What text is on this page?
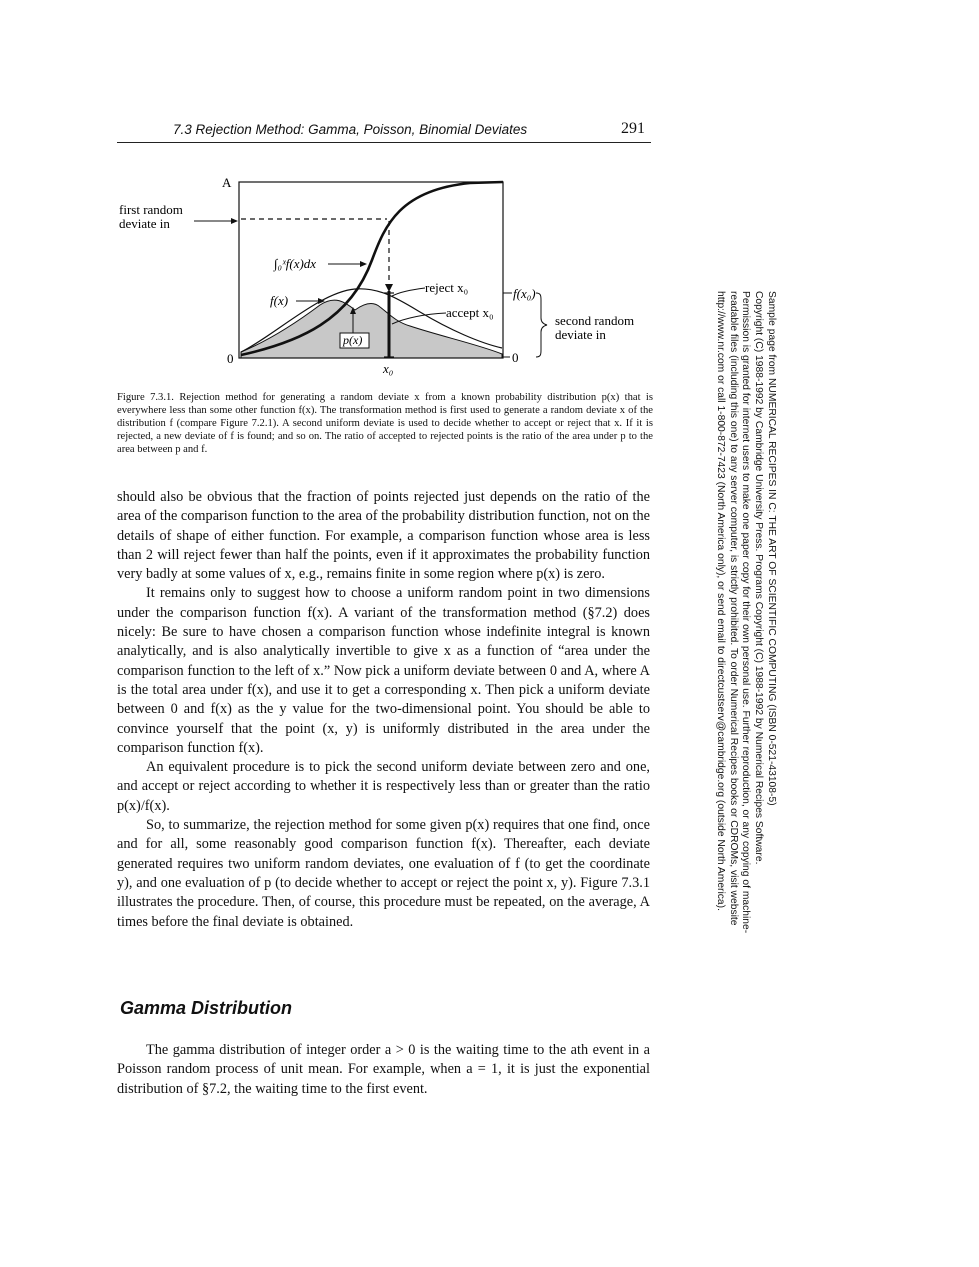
7.3 Rejection Method: Gamma, Poisson, Binomial Deviates	291
A
0	0
first random
deviate in
∫₀ˣf(x)dx
f(x)
reject x₀	f(x₀)
accept x₀
p(x)
second random
deviate in
x₀
Figure 7.3.1. Rejection method for generating a random deviate x from a known probability distribution p(x) that is everywhere less than some other function f(x). The transformation method is first used to generate a random deviate x of the distribution f (compare Figure 7.2.1). A second uniform deviate is used to decide whether to accept or reject that x. If it is rejected, a new deviate of f is found; and so on. The ratio of accepted to rejected points is the ratio of the area under p to the area between p and f.

should also be obvious that the fraction of points rejected just depends on the ratio of the area of the comparison function to the area of the probability distribution function, not on the details of shape of either function. For example, a comparison function whose area is less than 2 will reject fewer than half the points, even if it approximates the probability function very badly at some values of x, e.g., remains finite in some region where p(x) is zero.

It remains only to suggest how to choose a uniform random point in two dimensions under the comparison function f(x). A variant of the transformation method (§7.2) does nicely: Be sure to have chosen a comparison function whose indefinite integral is known analytically, and is also analytically invertible to give x as a function of “area under the comparison function to the left of x.” Now pick a uniform deviate between 0 and A, where A is the total area under f(x), and use it to get a corresponding x. Then pick a uniform deviate between 0 and f(x) as the y value for the two-dimensional point. You should be able to convince yourself that the point (x, y) is uniformly distributed in the area under the comparison function f(x).

An equivalent procedure is to pick the second uniform deviate between zero and one, and accept or reject according to whether it is respectively less than or greater than the ratio p(x)/f(x).

So, to summarize, the rejection method for some given p(x) requires that one find, once and for all, some reasonably good comparison function f(x). Thereafter, each deviate generated requires two uniform random deviates, one evaluation of f (to get the coordinate y), and one evaluation of p (to decide whether to accept or reject the point x, y). Figure 7.3.1 illustrates the procedure. Then, of course, this procedure must be repeated, on the average, A times before the final deviate is obtained.

Gamma Distribution

The gamma distribution of integer order a > 0 is the waiting time to the ath event in a Poisson random process of unit mean. For example, when a = 1, it is just the exponential distribution of §7.2, the waiting time to the first event.

Sample page from NUMERICAL RECIPES IN C: THE ART OF SCIENTIFIC COMPUTING (ISBN 0-521-43108-5)
Copyright (C) 1988-1992 by Cambridge University Press. Programs Copyright (C) 1988-1992 by Numerical Recipes Software.
Permission is granted for internet users to make one paper copy for their own personal use. Further reproduction, or any copying of machine-
readable files (including this one) to any server computer, is strictly prohibited. To order Numerical Recipes books or CDROMs, visit website
http://www.nr.com or call 1-800-872-7423 (North America only), or send email to directcustserv@cambridge.org (outside North America).
